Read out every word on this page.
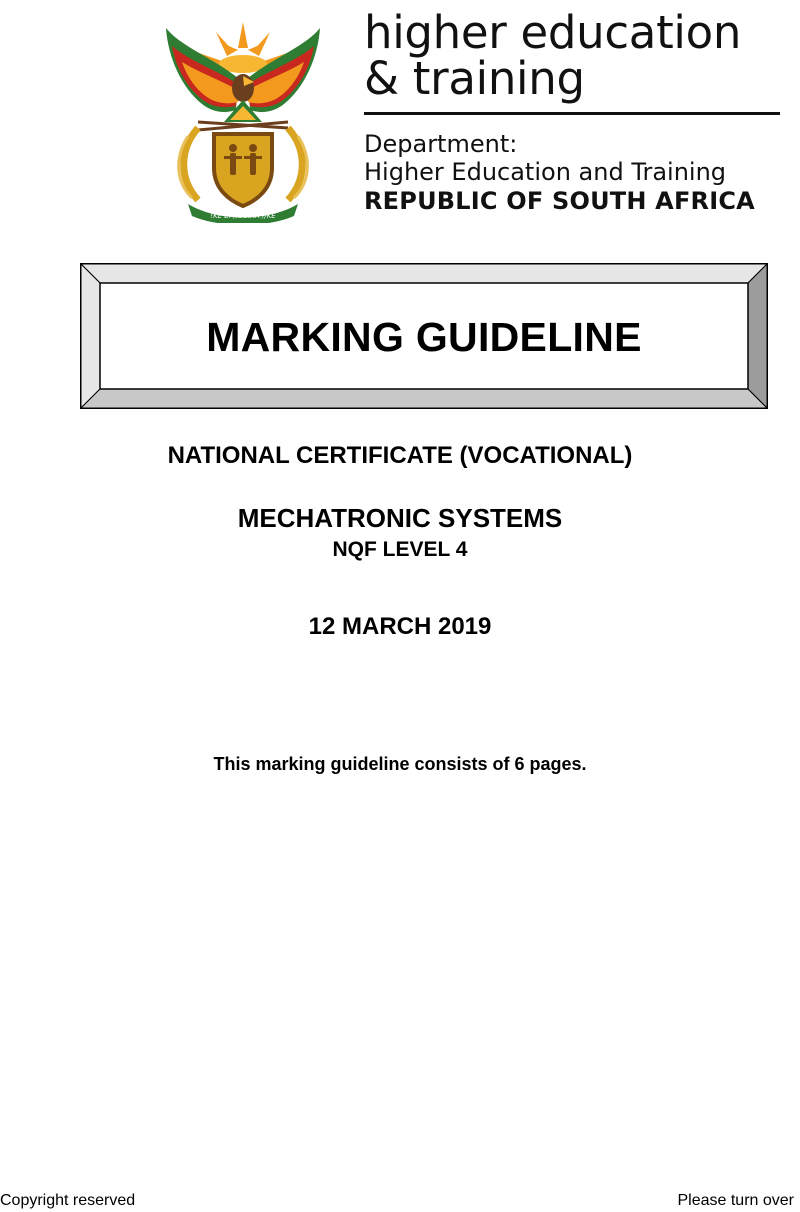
!KE E: /XARRA //KE
higher education
& training
Department:
Higher Education and Training
REPUBLIC OF SOUTH AFRICA
MARKING GUIDELINE
NATIONAL CERTIFICATE (VOCATIONAL)
MECHATRONIC SYSTEMS
NQF LEVEL 4
12 MARCH 2019
This marking guideline consists of 6 pages.
Copyright reserved	Please turn over
